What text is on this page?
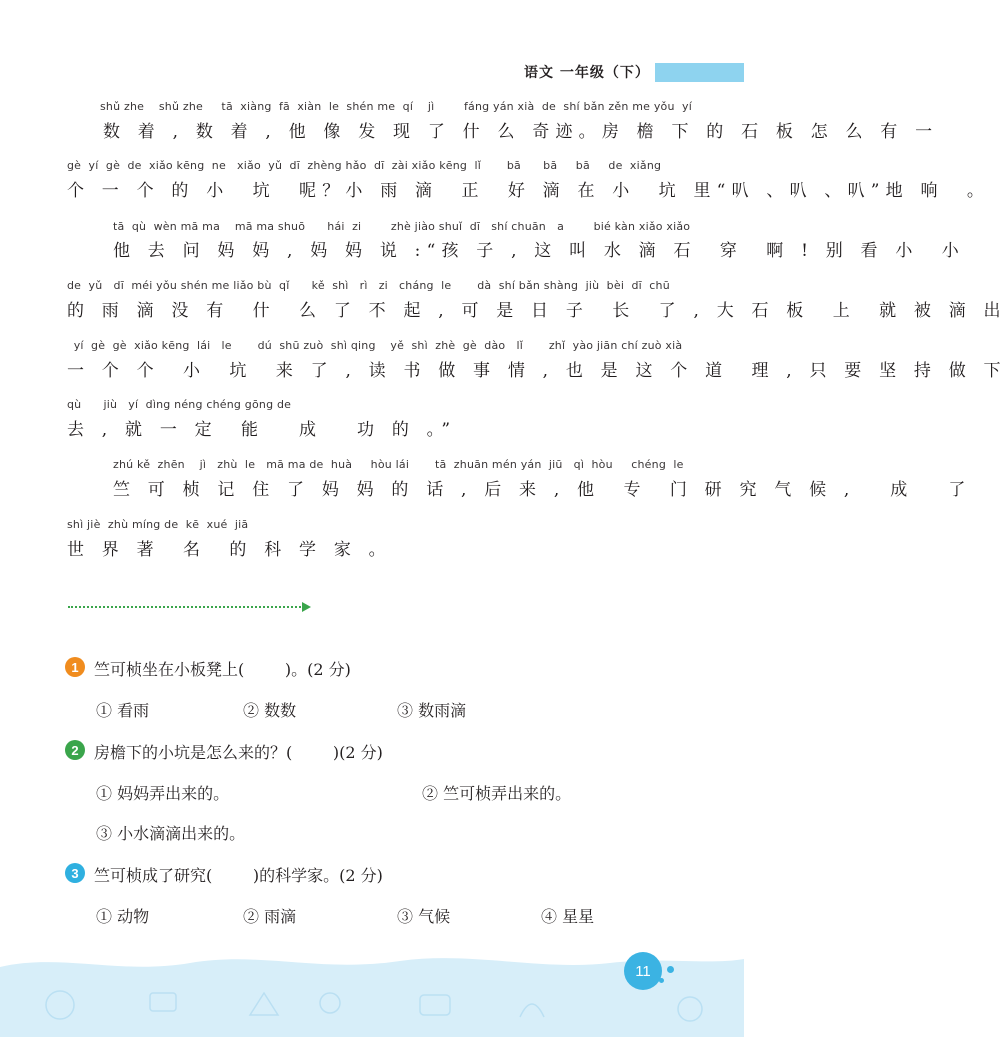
语文 一年级（下）
shǔ zhe    shǔ zhe     tā  xiàng  fā  xiàn  le  shén me  qí    jì        fáng yán xià  de  shí bǎn zěn me yǒu  yí
数 着 , 数 着 , 他 像 发 现 了 什 么 奇迹。房 檐 下 的 石 板 怎 么 有 一
gè  yí  gè  de  xiǎo kēng  ne   xiǎo  yǔ  dī  zhèng hǎo  dī  zài xiǎo kēng  lǐ       bā      bā     bā     de  xiǎng
个 一 个 的 小  坑  呢？小 雨 滴  正  好 滴 在 小  坑 里“叭 、叭 、叭”地 响  。
tā  qù  wèn mā ma    mā ma shuō      hái  zi        zhè jiào shuǐ  dī   shí chuān   a        bié kàn xiǎo xiǎo
他 去 问 妈 妈 , 妈 妈 说 :“孩 子 , 这 叫 水 滴 石  穿  啊 ! 别 看 小  小
de  yǔ   dī  méi yǒu shén me liǎo bù  qǐ      kě  shì   rì   zi   cháng  le       dà  shí bǎn shàng  jiù  bèi  dī  chū
的 雨 滴 没 有  什  么 了 不 起 , 可 是 日 子  长  了 , 大 石 板  上  就 被 滴 出
yí  gè  gè  xiǎo kēng  lái   le       dú  shū zuò  shì qing    yě  shì  zhè  gè  dào   lǐ       zhǐ  yào jiān chí zuò xià
一 个 个  小  坑  来 了 , 读 书 做 事 情 , 也 是 这 个 道  理 , 只 要 坚 持 做 下
qù      jiù   yí  dìng néng chéng gōng de
去 , 就 一 定  能   成   功 的 。”
zhú kě  zhēn    jì   zhù  le   mā ma de  huà     hòu lái       tā  zhuān mén yán  jiū   qì  hòu     chéng  le
竺 可 桢 记 住 了 妈 妈 的 话 , 后 来 , 他  专  门 研 究 气 候 ,   成   了
shì jiè  zhù míng de  kē  xué  jiā
世 界 著  名  的 科 学 家 。
1 竺可桢坐在小板凳上(        )。(2 分)
① 看雨	② 数数	③ 数雨滴
2 房檐下的小坑是怎么来的？(        )(2 分)
① 妈妈弄出来的。	② 竺可桢弄出来的。
③ 小水滴滴出来的。
3 竺可桢成了研究(        )的科学家。(2 分)
① 动物	② 雨滴	③ 气候	④ 星星
11
